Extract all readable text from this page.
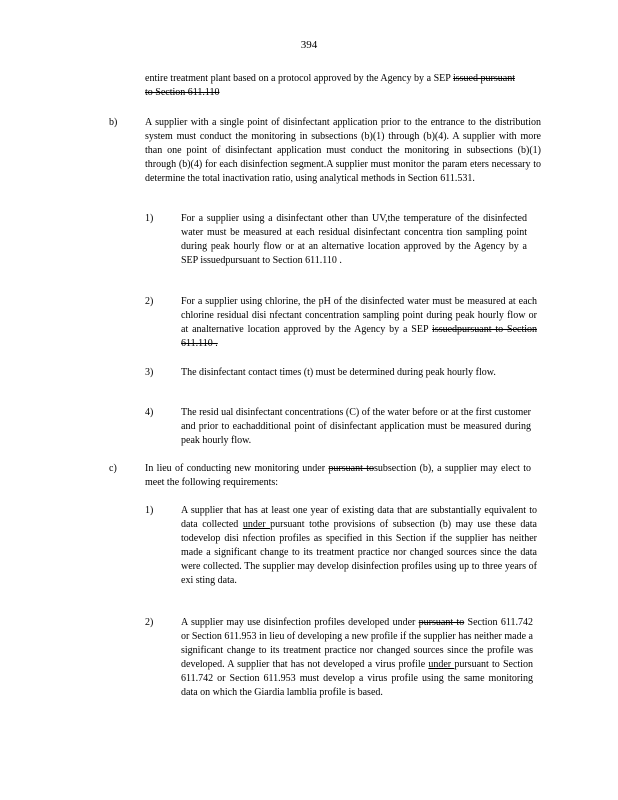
394
entire treatment plant based on a protocol approved by the Agency by a SEP issued pursuant to Section 611.110
b)	A supplier with a single point of disinfectant application prior to the entrance to the distribution system must conduct the monitoring in subsections (b)(1) through (b)(4). A supplier with more than one point of disinfectant application must conduct the monitoring in subsections (b)(1) through (b)(4) for each disinfection segment.A supplier must monitor the param eters necessary to determine the total inactivation ratio, using analytical methods in Section 611.531.
1)	For a supplier using a disinfectant other than UV,the temperature of the disinfected water must be measured at each residual disinfectant concentra tion sampling point during peak hourly flow or at an alternative location approved by the Agency by a SEP issuedpursuant to Section 611.110 .
2)	For a supplier using chlorine, the pH of the disinfected water must be measured at each chlorine residual disi nfectant concentration sampling point during peak hourly flow or at analternative location approved by the Agency by a SEP issuedpursuant to Section 611.110 .
3)	The disinfectant contact times (t) must be determined during peak hourly flow.
4)	The resid ual disinfectant concentrations (C) of the water before or at the first customer and prior to eachadditional point of disinfectant application must be measured during peak hourly flow.
c)	In lieu of conducting new monitoring under pursuant tosubsection (b), a supplier may elect to meet the following requirements:
1)	A supplier that has at least one year of existing data that are substantially equivalent to data collected under pursuant tothe provisions of subsection (b) may use these data todevelop disi nfection profiles as specified in this Section if the supplier has neither made a significant change to its treatment practice nor changed sources since the data were collected. The supplier may develop disinfection profiles using up to three years of exi sting data.
2)	A supplier may use disinfection profiles developed under pursuant to Section 611.742 or Section 611.953 in lieu of developing a new profile if the supplier has neither made a significant change to its treatment practice nor changed sources since the profile was developed. A supplier that has not developed a virus profile under pursuant to Section 611.742 or Section 611.953 must develop a virus profile using the same monitoring data on which the Giardia lamblia profile is based.
